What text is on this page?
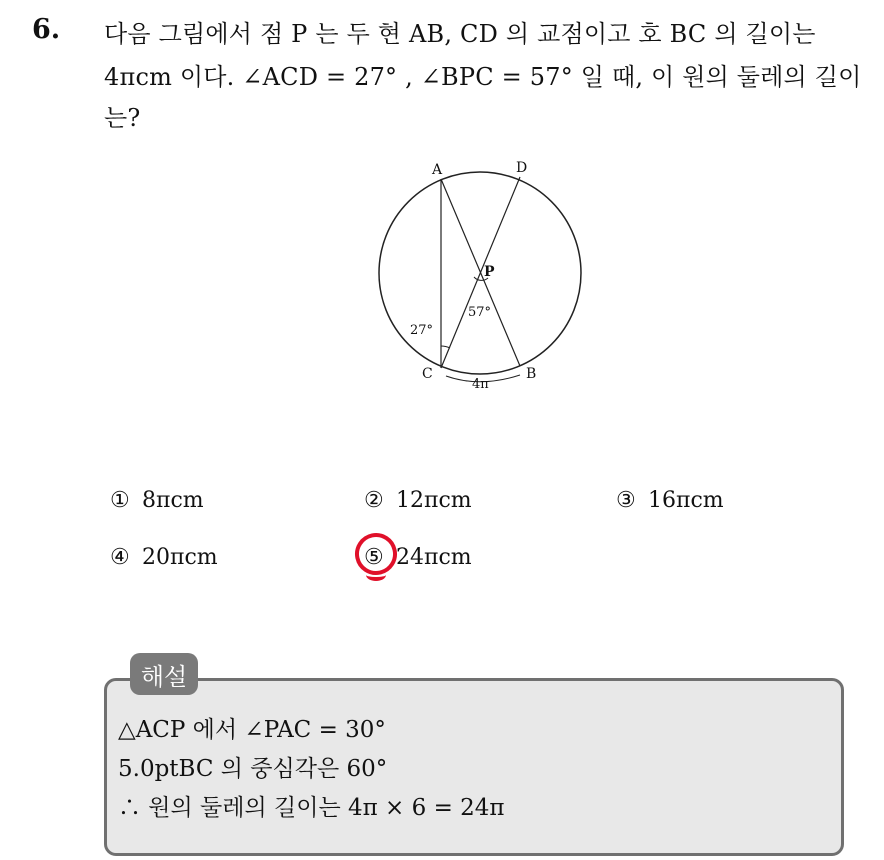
6. 다음 그림에서 점 P 는 두 현 AB, CD 의 교점이고 호 BC 의 길이는
4πcm 이다. ∠ACD = 27° , ∠BPC = 57° 일 때, 이 원의 둘레의 길이
는?
A	D
P
C	B
27°
57°
4π
① 8πcm	② 12πcm	③ 16πcm
④ 20πcm	⑤ 24πcm
해설
△ACP 에서 ∠PAC = 30°
5.0ptBC 의 중심각은 60°
∴ 원의 둘레의 길이는 4π × 6 = 24π
